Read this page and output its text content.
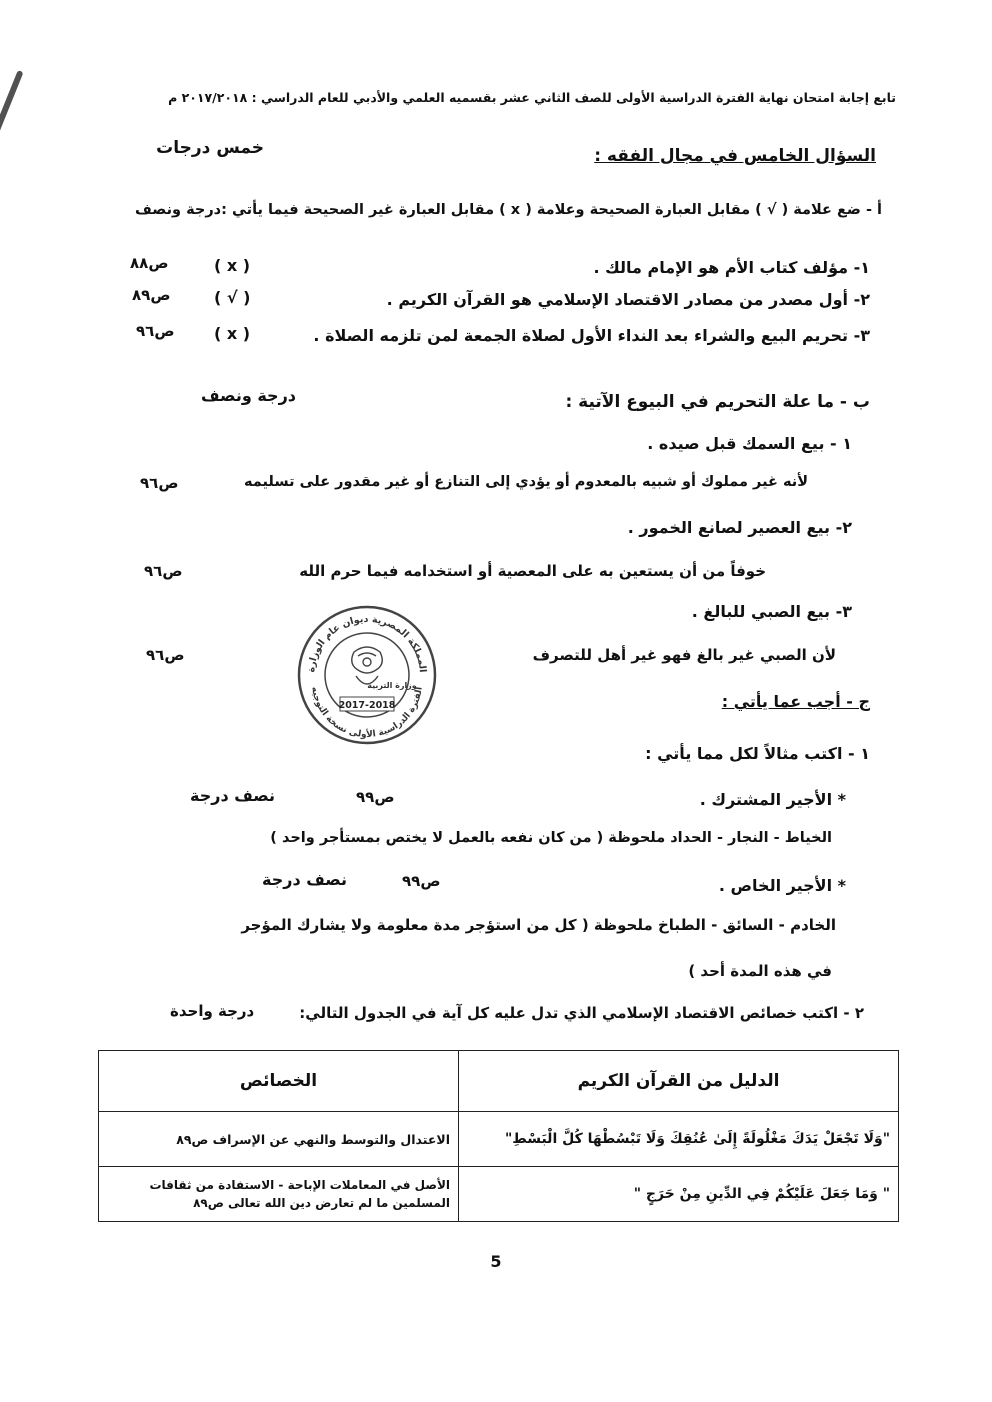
تابع إجابة امتحان نهاية الفترة الدراسية الأولى للصف الثاني عشر بقسميه العلمي والأدبي للعام الدراسي : ٢٠١٧/٢٠١٨ م
السؤال الخامس في مجال الفقه :
خمس درجات
أ - ضع علامة ( √ ) مقابل العبارة الصحيحة وعلامة ( x ) مقابل العبارة غير الصحيحة فيما يأتي :درجة ونصف
١- مؤلف كتاب الأم هو الإمام مالك .
( x )
ص٨٨
٢- أول مصدر من مصادر الاقتصاد الإسلامي هو القرآن الكريم .
( √ )
ص٨٩
٣- تحريم البيع والشراء بعد النداء الأول لصلاة الجمعة لمن تلزمه الصلاة .
( x )
ص٩٦
ب - ما علة التحريم في البيوع الآتية :
درجة ونصف
١ - بيع السمك قبل صيده .
لأنه غير مملوك أو شبيه بالمعدوم أو يؤدي إلى التنازع أو غير مقدور على تسليمه
ص٩٦
٢- بيع العصير لصانع الخمور .
خوفاً من أن يستعين به على المعصية أو استخدامه فيما حرم الله
ص٩٦
٣- بيع الصبي للبالغ .
لأن الصبي غير بالغ فهو غير أهل للتصرف
ص٩٦
المملكة المصرية ديوان عام الوزارة
الفترة الدراسية الأولى نسخة التوجيه
وزارة التربية
2017-2018	ج - أجب عما يأتي :
١ - اكتب مثالاً لكل مما يأتي :
* الأجير المشترك .
ص٩٩
نصف درجة
الخياط - النجار - الحداد ملحوظة ( من كان نفعه بالعمل لا يختص بمستأجر واحد )
* الأجير الخاص .
ص٩٩
نصف درجة
الخادم - السائق - الطباخ ملحوظة ( كل من استؤجر مدة معلومة ولا يشارك المؤجر
في هذه المدة أحد )
٢ - اكتب خصائص الاقتصاد الإسلامي الذي تدل عليه كل آية في الجدول التالي:
درجة واحدة
الدليل من القرآن الكريم	الخصائص
"وَلَا تَجْعَلْ يَدَكَ مَغْلُولَةً إِلَىٰ عُنُقِكَ وَلَا تَبْسُطْهَا كُلَّ الْبَسْطِ"	الاعتدال والتوسط والنهي عن الإسراف ص٨٩
" وَمَا جَعَلَ عَلَيْكُمْ فِي الدِّينِ مِنْ حَرَجٍ "	الأصل في المعاملات الإباحة - الاستفادة من ثقافات
المسلمين ما لم تعارض دين الله تعالى ص٨٩
5
